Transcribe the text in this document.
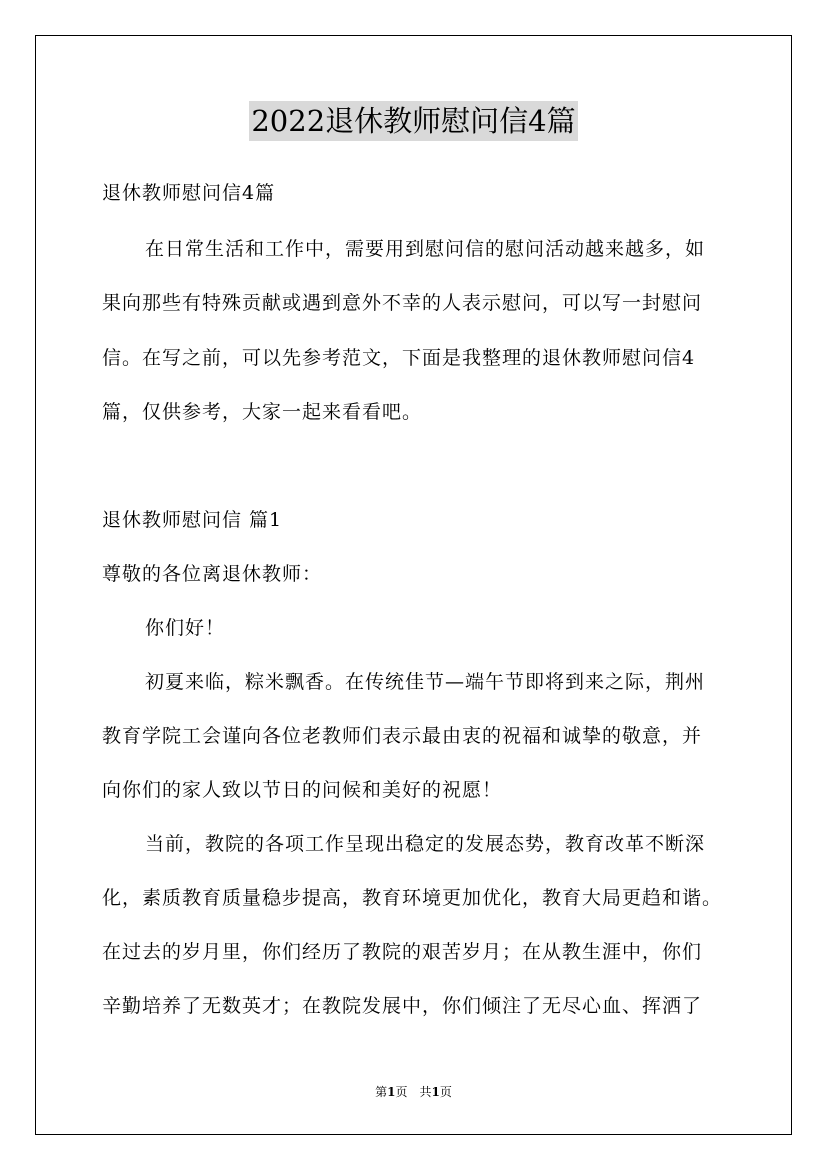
2022退休教师慰问信4篇
退休教师慰问信4篇
在日常生活和工作中，需要用到慰问信的慰问活动越来越多，如
果向那些有特殊贡献或遇到意外不幸的人表示慰问，可以写一封慰问
信。在写之前，可以先参考范文，下面是我整理的退休教师慰问信4
篇，仅供参考，大家一起来看看吧。
退休教师慰问信 篇1
尊敬的各位离退休教师：
你们好！
初夏来临，粽米飘香。在传统佳节—端午节即将到来之际，荆州
教育学院工会谨向各位老教师们表示最由衷的祝福和诚挚的敬意，并
向你们的家人致以节日的问候和美好的祝愿！
当前，教院的各项工作呈现出稳定的发展态势，教育改革不断深
化，素质教育质量稳步提高，教育环境更加优化，教育大局更趋和谐。
在过去的岁月里，你们经历了教院的艰苦岁月；在从教生涯中，你们
辛勤培养了无数英才；在教院发展中，你们倾注了无尽心血、挥洒了
第1页　共1页
